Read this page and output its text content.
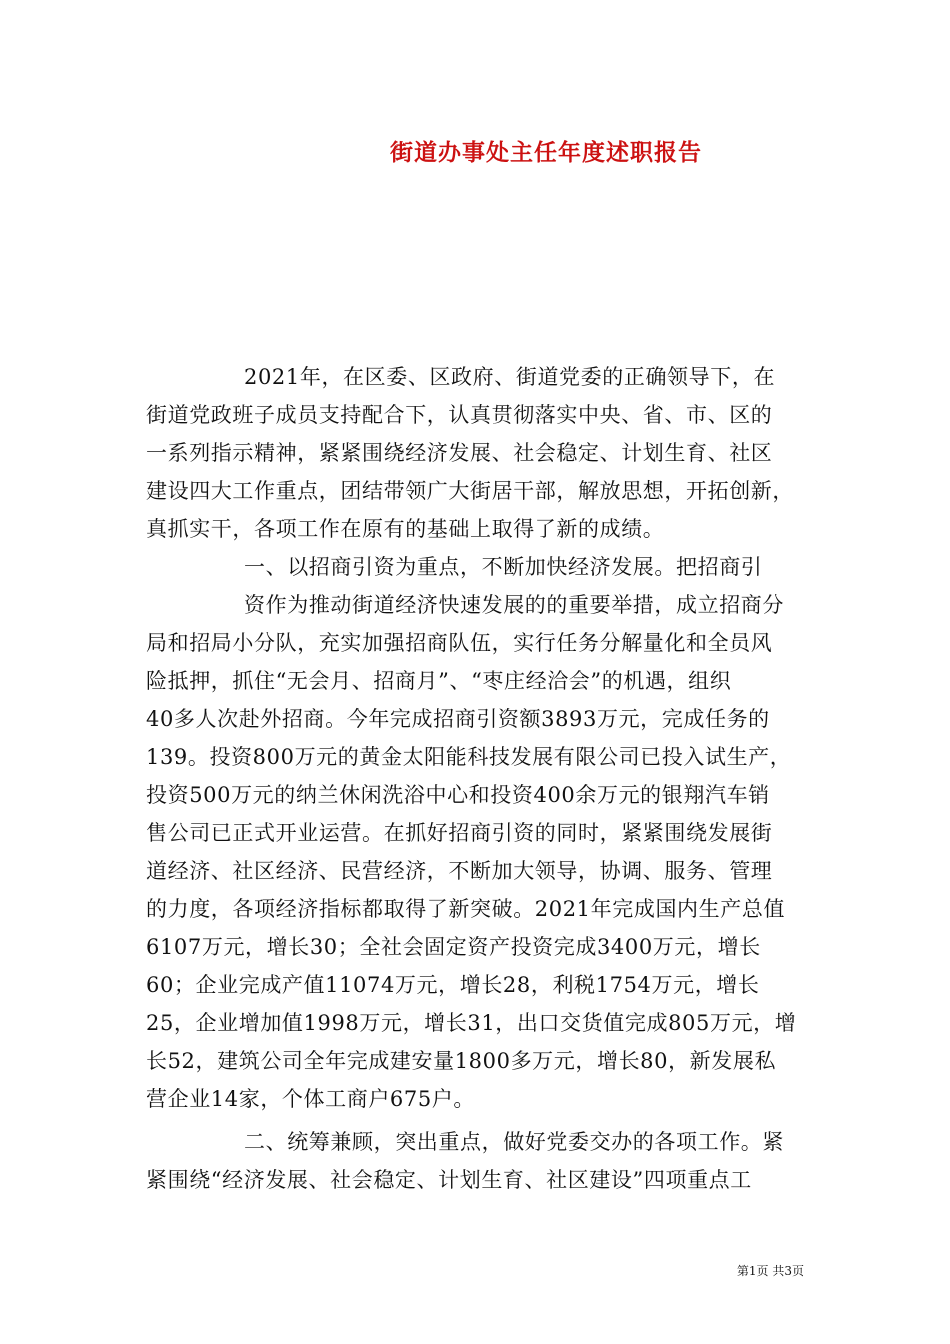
街道办事处主任年度述职报告
2021年，在区委、区政府、街道党委的正确领导下，在
街道党政班子成员支持配合下，认真贯彻落实中央、省、市、区的
一系列指示精神，紧紧围绕经济发展、社会稳定、计划生育、社区
建设四大工作重点，团结带领广大街居干部，解放思想，开拓创新，
真抓实干，各项工作在原有的基础上取得了新的成绩。
一、以招商引资为重点，不断加快经济发展。把招商引
资作为推动街道经济快速发展的的重要举措，成立招商分
局和招局小分队，充实加强招商队伍，实行任务分解量化和全员风
险抵押，抓住“无会月、招商月”、“枣庄经洽会”的机遇，组织
40多人次赴外招商。今年完成招商引资额3893万元，完成任务的
139。投资800万元的黄金太阳能科技发展有限公司已投入试生产，
投资500万元的纳兰休闲洗浴中心和投资400余万元的银翔汽车销
售公司已正式开业运营。在抓好招商引资的同时，紧紧围绕发展街
道经济、社区经济、民营经济，不断加大领导，协调、服务、管理
的力度，各项经济指标都取得了新突破。2021年完成国内生产总值
6107万元，增长30；全社会固定资产投资完成3400万元，增长
60；企业完成产值11074万元，增长28，利税1754万元，增长
25，企业增加值1998万元，增长31，出口交货值完成805万元，增
长52，建筑公司全年完成建安量1800多万元，增长80，新发展私
营企业14家，个体工商户675户。
二、统筹兼顾，突出重点，做好党委交办的各项工作。紧
紧围绕“经济发展、社会稳定、计划生育、社区建设”四项重点工
第1页 共3页
